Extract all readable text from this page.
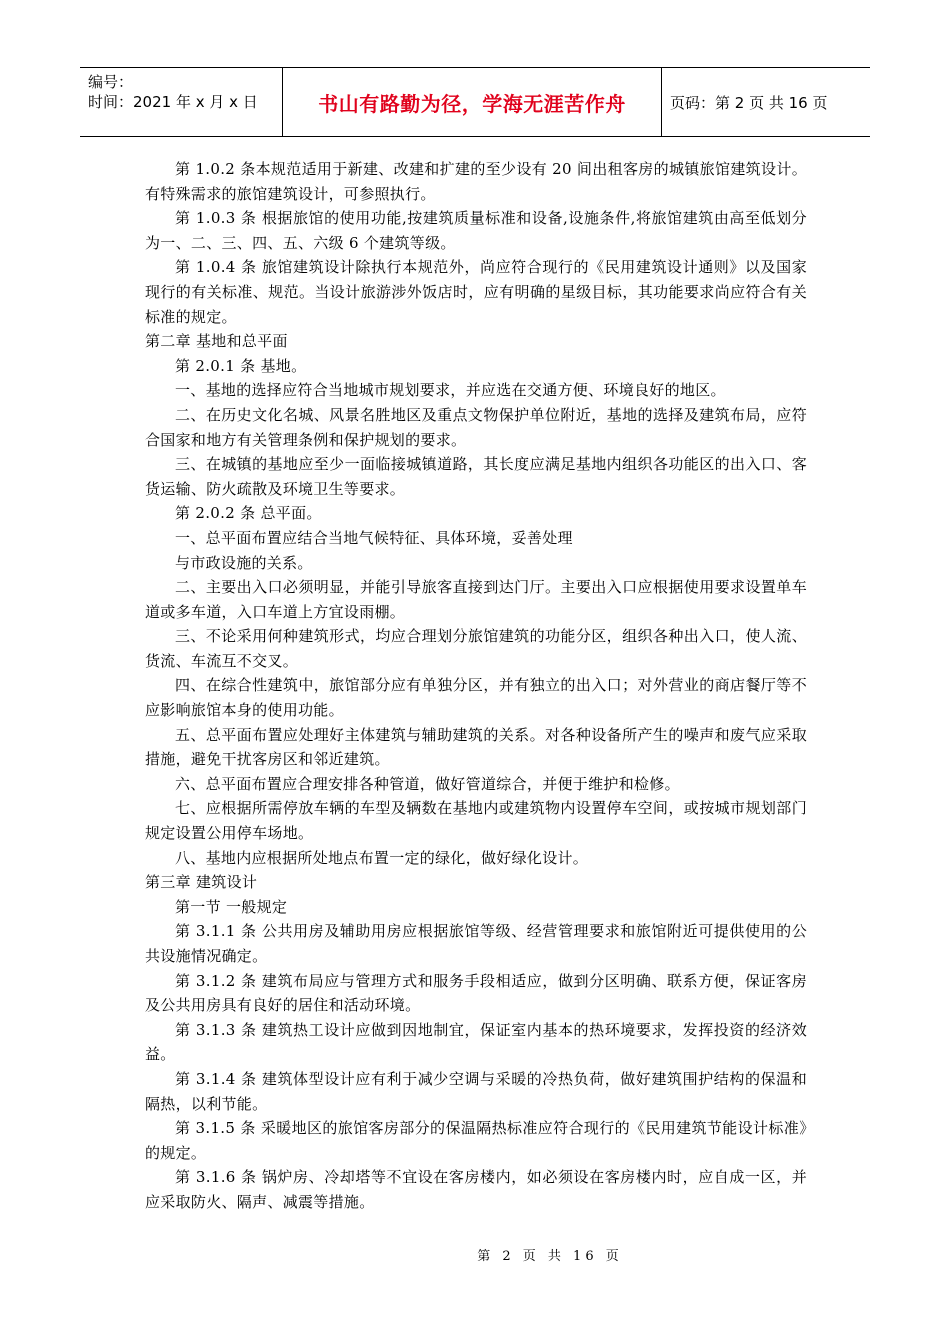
编号：
时间：2021 年 x 月 x 日	书山有路勤为径，学海无涯苦作舟	页码：第 2 页 共 16 页

第 1.0.2 条本规范适用于新建、改建和扩建的至少设有 20 间出租客房的城镇旅馆建筑设计。有特殊需求的旅馆建筑设计，可参照执行。

第 1.0.3 条 根据旅馆的使用功能,按建筑质量标准和设备,设施条件,将旅馆建筑由高至低划分为一、二、三、四、五、六级 6 个建筑等级。

第 1.0.4 条 旅馆建筑设计除执行本规范外，尚应符合现行的《民用建筑设计通则》以及国家现行的有关标准、规范。当设计旅游涉外饭店时，应有明确的星级目标，其功能要求尚应符合有关标准的规定。

第二章 基地和总平面

第 2.0.1 条 基地。

一、基地的选择应符合当地城市规划要求，并应选在交通方便、环境良好的地区。

二、在历史文化名城、风景名胜地区及重点文物保护单位附近，基地的选择及建筑布局，应符合国家和地方有关管理条例和保护规划的要求。

三、在城镇的基地应至少一面临接城镇道路，其长度应满足基地内组织各功能区的出入口、客货运输、防火疏散及环境卫生等要求。

第 2.0.2 条 总平面。

一、总平面布置应结合当地气候特征、具体环境，妥善处理

与市政设施的关系。

二、主要出入口必须明显，并能引导旅客直接到达门厅。主要出入口应根据使用要求设置单车道或多车道，入口车道上方宜设雨棚。

三、不论采用何种建筑形式，均应合理划分旅馆建筑的功能分区，组织各种出入口，使人流、货流、车流互不交叉。

四、在综合性建筑中，旅馆部分应有单独分区，并有独立的出入口；对外营业的商店餐厅等不应影响旅馆本身的使用功能。

五、总平面布置应处理好主体建筑与辅助建筑的关系。对各种设备所产生的噪声和废气应采取措施，避免干扰客房区和邻近建筑。

六、总平面布置应合理安排各种管道，做好管道综合，并便于维护和检修。

七、应根据所需停放车辆的车型及辆数在基地内或建筑物内设置停车空间，或按城市规划部门规定设置公用停车场地。

八、基地内应根据所处地点布置一定的绿化，做好绿化设计。

第三章 建筑设计

第一节 一般规定

第 3.1.1 条 公共用房及辅助用房应根据旅馆等级、经营管理要求和旅馆附近可提供使用的公共设施情况确定。

第 3.1.2 条 建筑布局应与管理方式和服务手段相适应，做到分区明确、联系方便，保证客房及公共用房具有良好的居住和活动环境。

第 3.1.3 条 建筑热工设计应做到因地制宜，保证室内基本的热环境要求，发挥投资的经济效益。

第 3.1.4 条 建筑体型设计应有利于减少空调与采暖的冷热负荷，做好建筑围护结构的保温和隔热，以利节能。

第 3.1.5 条 采暖地区的旅馆客房部分的保温隔热标准应符合现行的《民用建筑节能设计标准》的规定。

第 3.1.6 条 锅炉房、冷却塔等不宜设在客房楼内，如必须设在客房楼内时，应自成一区，并应采取防火、隔声、减震等措施。

第 2 页 共 16 页
